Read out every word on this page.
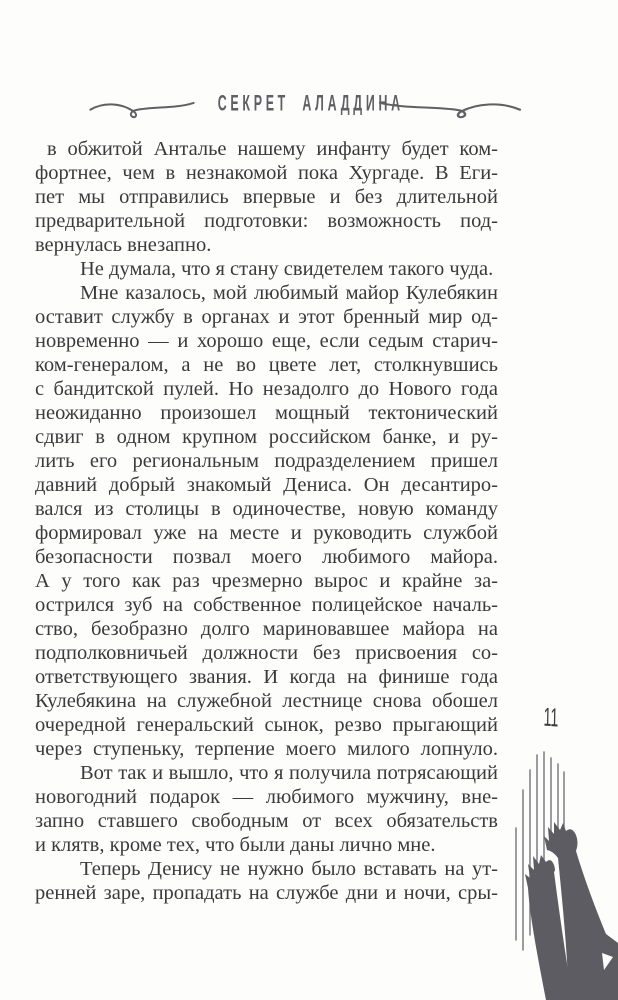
СЕКРЕТ АЛАДДИНА
в обжитой Анталье нашему инфанту будет ком-
фортнее, чем в незнакомой пока Хургаде. В Еги-
пет мы отправились впервые и без длительной
предварительной подготовки: возможность под-
вернулась внезапно.
Не думала, что я стану свидетелем такого чуда.
Мне казалось, мой любимый майор Кулебякин
оставит службу в органах и этот бренный мир од-
новременно — и хорошо еще, если седым старич-
ком-генералом, а не во цвете лет, столкнувшись
с бандитской пулей. Но незадолго до Нового года
неожиданно произошел мощный тектонический
сдвиг в одном крупном российском банке, и ру-
лить его региональным подразделением пришел
давний добрый знакомый Дениса. Он десантиро-
вался из столицы в одиночестве, новую команду
формировал уже на месте и руководить службой
безопасности позвал моего любимого майора.
А у того как раз чрезмерно вырос и крайне за-
острился зуб на собственное полицейское началь-
ство, безобразно долго мариновавшее майора на
подполковничьей должности без присвоения со-
ответствующего звания. И когда на финише года
Кулебякина на служебной лестнице снова обошел
очередной генеральский сынок, резво прыгающий
через ступеньку, терпение моего милого лопнуло.
Вот так и вышло, что я получила потрясающий
новогодний подарок — любимого мужчину, вне-
запно ставшего свободным от всех обязательств
и клятв, кроме тех, что были даны лично мне.
Теперь Денису не нужно было вставать на ут-
ренней заре, пропадать на службе дни и ночи, сры-
11
